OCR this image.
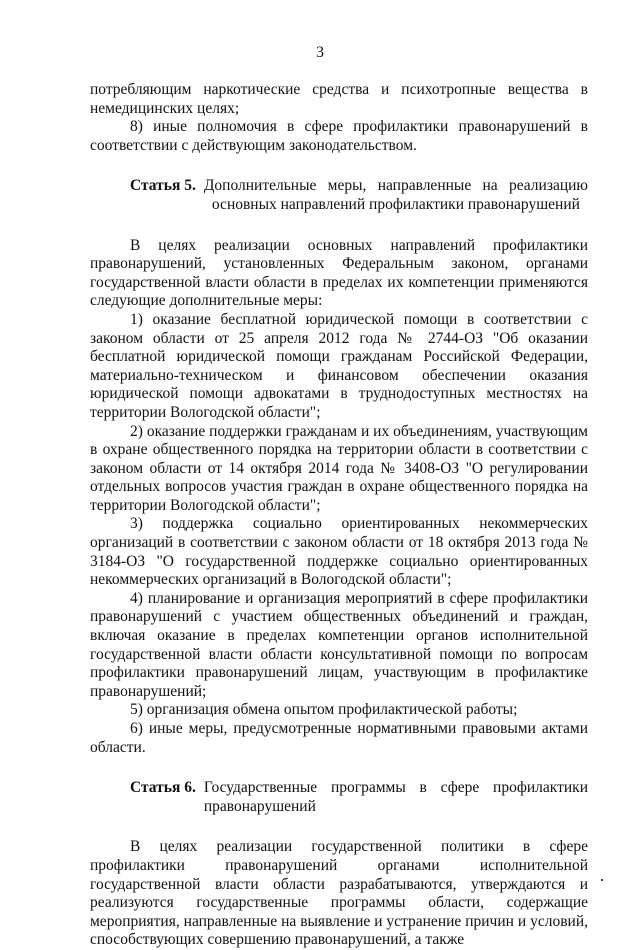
3

потребляющим наркотические средства и психотропные вещества в немедицинских целях;

8) иные полномочия в сфере профилактики правонарушений в соответствии с действующим законодательством.

Статья 5. Дополнительные меры, направленные на реализацию основных направлений профилактики правонарушений

В целях реализации основных направлений профилактики правонарушений, установленных Федеральным законом, органами государственной власти области в пределах их компетенции применяются следующие дополнительные меры:

1) оказание бесплатной юридической помощи в соответствии с законом области от 25 апреля 2012 года № 2744-ОЗ "Об оказании бесплатной юридической помощи гражданам Российской Федерации, материально-техническом и финансовом обеспечении оказания юридической помощи адвокатами в труднодоступных местностях на территории Вологодской области";

2) оказание поддержки гражданам и их объединениям, участвующим в охране общественного порядка на территории области в соответствии с законом области от 14 октября 2014 года № 3408-ОЗ "О регулировании отдельных вопросов участия граждан в охране общественного порядка на территории Вологодской области";

3) поддержка социально ориентированных некоммерческих организаций в соответствии с законом области от 18 октября 2013 года № 3184-ОЗ "О государственной поддержке социально ориентированных некоммерческих организаций в Вологодской области";

4) планирование и организация мероприятий в сфере профилактики правонарушений с участием общественных объединений и граждан, включая оказание в пределах компетенции органов исполнительной государственной власти области консультативной помощи по вопросам профилактики правонарушений лицам, участвующим в профилактике правонарушений;

5) организация обмена опытом профилактической работы;

6) иные меры, предусмотренные нормативными правовыми актами области.

Статья 6. Государственные программы в сфере профилактики правонарушений

В целях реализации государственной политики в сфере профилактики правонарушений органами исполнительной государственной власти области разрабатываются, утверждаются и реализуются государственные программы области, содержащие мероприятия, направленные на выявление и устранение причин и условий, способствующих совершению правонарушений, а также
